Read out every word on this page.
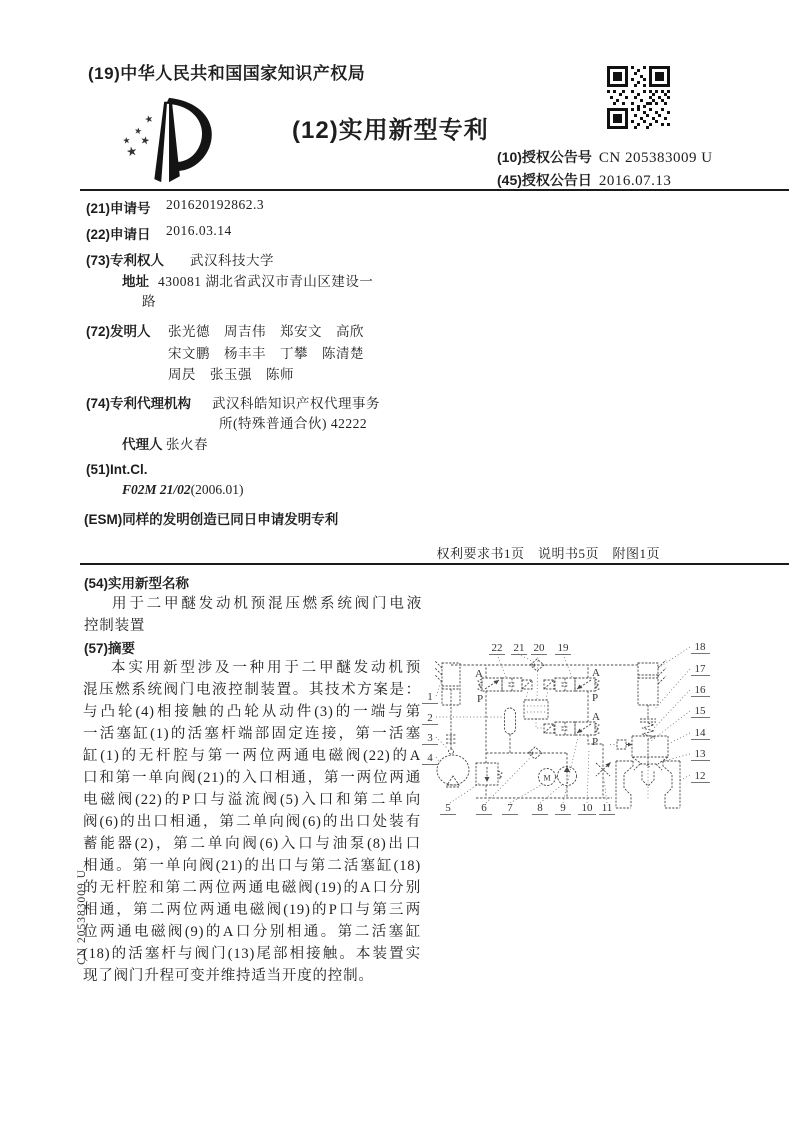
(19)中华人民共和国国家知识产权局
★
★
★ ★
★
(12)实用新型专利
(10)授权公告号 CN 205383009 U
(45)授权公告日 2016.07.13
(21)申请号 201620192862.3
(22)申请日 2016.03.14
(73)专利权人 武汉科技大学
地址 430081 湖北省武汉市青山区建设一
路
(72)发明人 张光德　周吉伟　郑安文　高欣
宋文鹏　杨丰丰　丁攀　陈清楚
周昃　张玉强　陈师
(74)专利代理机构 武汉科皓知识产权代理事务
所(特殊普通合伙) 42222
代理人 张火春
(51)Int.Cl.
F02M 21/02(2006.01)
(ESM)同样的发明创造已同日申请发明专利
权利要求书1页　说明书5页　附图1页
(54)实用新型名称
用于二甲醚发动机预混压燃系统阀门电液
控制装置
(57)摘要
本实用新型涉及一种用于二甲醚发动机预
混压燃系统阀门电液控制装置。其技术方案是：
与凸轮(4)相接触的凸轮从动件(3)的一端与第
一活塞缸(1)的活塞杆端部固定连接，第一活塞
缸(1)的无杆腔与第一两位两通电磁阀(22)的A
口和第一单向阀(21)的入口相通，第一两位两通
电磁阀(22)的P口与溢流阀(5)入口和第二单向
阀(6)的出口相通，第二单向阀(6)的出口处装有
蓄能器(2)，第二单向阀(6)入口与油泵(8)出口
相通。第一单向阀(21)的出口与第二活塞缸(18)
的无杆腔和第二两位两通电磁阀(19)的A口分别
相通，第二两位两通电磁阀(19)的P口与第三两
位两通电磁阀(9)的A口分别相通。第二活塞缸
(18)的活塞杆与阀门(13)尾部相接触。本装置实
现了阀门升程可变并维持适当开度的控制。
A
P
A
P
A
P
M
22 21 20 19
1
2
3
4
18
17
16
15
14
13
12
5	6 7 8 9 10 11
CN 205383009 U
